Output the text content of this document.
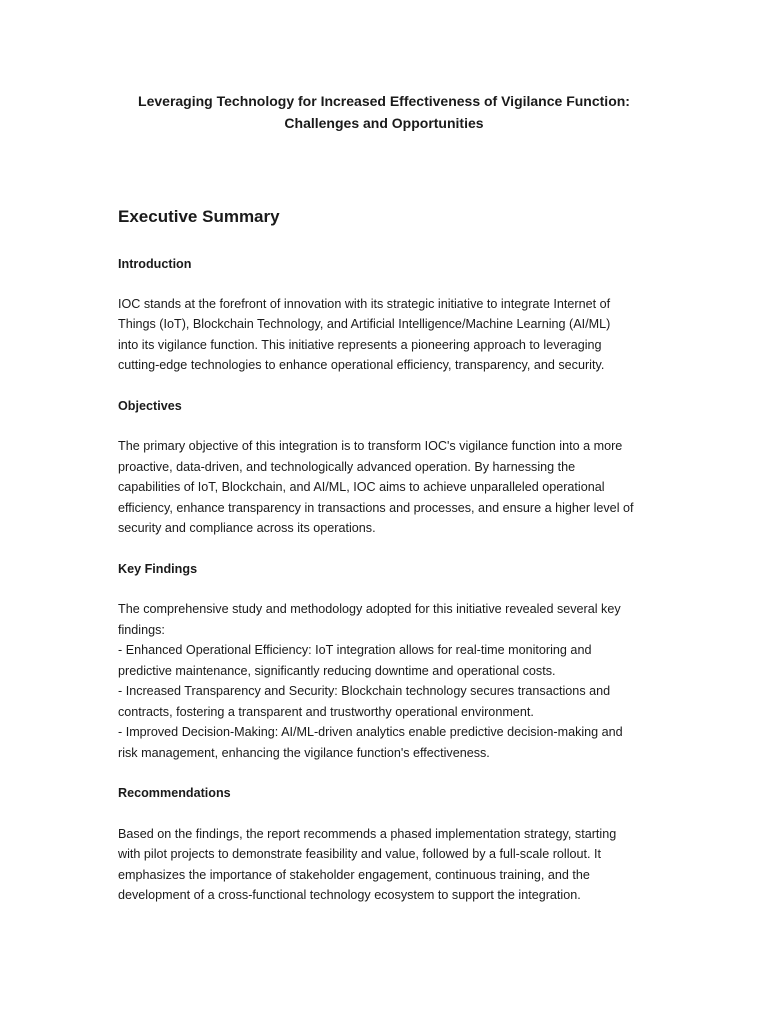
Leveraging Technology for Increased Effectiveness of Vigilance Function:
Challenges and Opportunities
Executive Summary
Introduction

IOC stands at the forefront of innovation with its strategic initiative to integrate Internet of
Things (IoT), Blockchain Technology, and Artificial Intelligence/Machine Learning (AI/ML)
into its vigilance function. This initiative represents a pioneering approach to leveraging
cutting-edge technologies to enhance operational efficiency, transparency, and security.

Objectives

The primary objective of this integration is to transform IOC's vigilance function into a more
proactive, data-driven, and technologically advanced operation. By harnessing the
capabilities of IoT, Blockchain, and AI/ML, IOC aims to achieve unparalleled operational
efficiency, enhance transparency in transactions and processes, and ensure a higher level of
security and compliance across its operations.

Key Findings

The comprehensive study and methodology adopted for this initiative revealed several key
findings:
- Enhanced Operational Efficiency: IoT integration allows for real-time monitoring and
predictive maintenance, significantly reducing downtime and operational costs.
- Increased Transparency and Security: Blockchain technology secures transactions and
contracts, fostering a transparent and trustworthy operational environment.
- Improved Decision-Making: AI/ML-driven analytics enable predictive decision-making and
risk management, enhancing the vigilance function's effectiveness.

Recommendations

Based on the findings, the report recommends a phased implementation strategy, starting
with pilot projects to demonstrate feasibility and value, followed by a full-scale rollout. It
emphasizes the importance of stakeholder engagement, continuous training, and the
development of a cross-functional technology ecosystem to support the integration.
